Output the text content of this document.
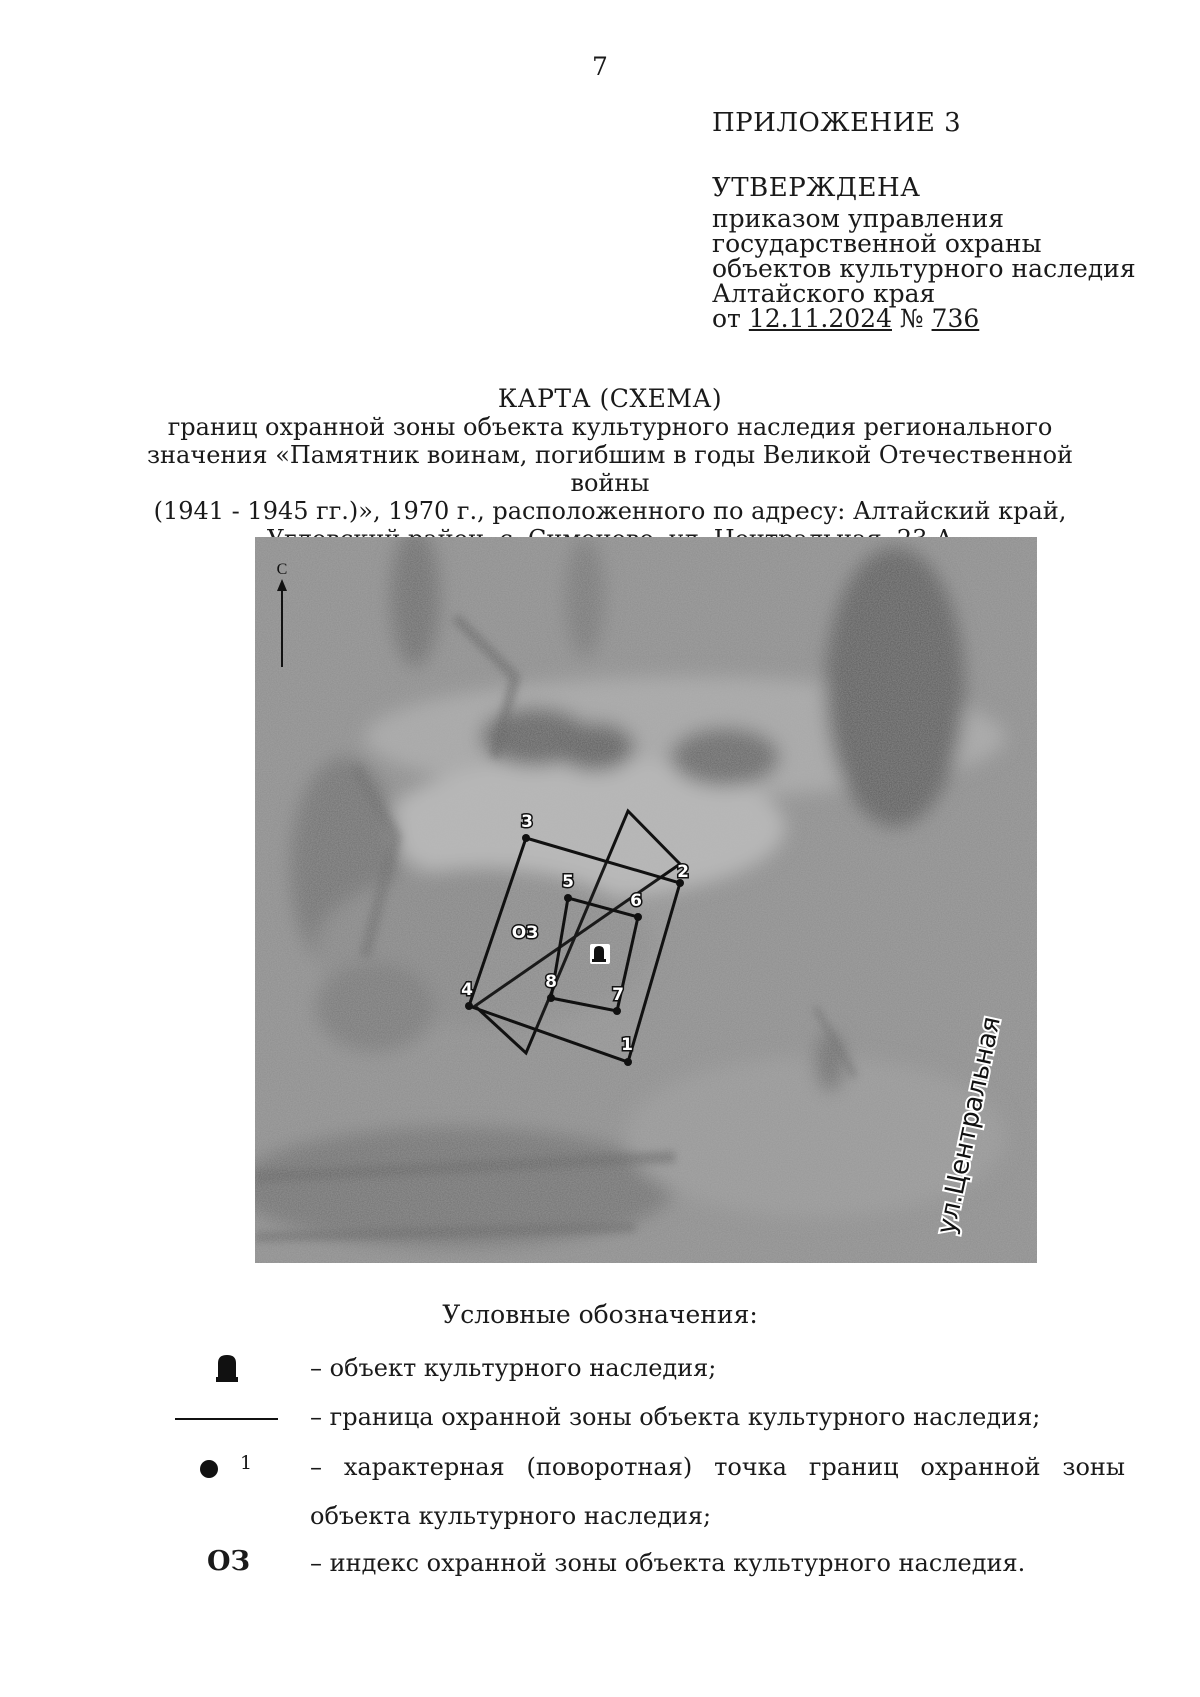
7
ПРИЛОЖЕНИЕ 3
УТВЕРЖДЕНА
приказом управления
государственной охраны
объектов культурного наследия
Алтайского края
от 12.11.2024 № 736
КАРТА (СХЕМА)
границ охранной зоны объекта культурного наследия регионального
значения «Памятник воинам, погибшим в годы Великой Отечественной войны
(1941 - 1945 гг.)», 1970 г., расположенного по адресу: Алтайский край,
С
1
2
3
4
5
6
7
8
ОЗ
ул.Центральная
Условные обозначения:
– объект культурного наследия;
– граница охранной зоны объекта культурного наследия;
1 – характерная (поворотная) точка границ охранной зоны объекта культурного наследия;
ОЗ	– индекс охранной зоны объекта культурного наследия.
